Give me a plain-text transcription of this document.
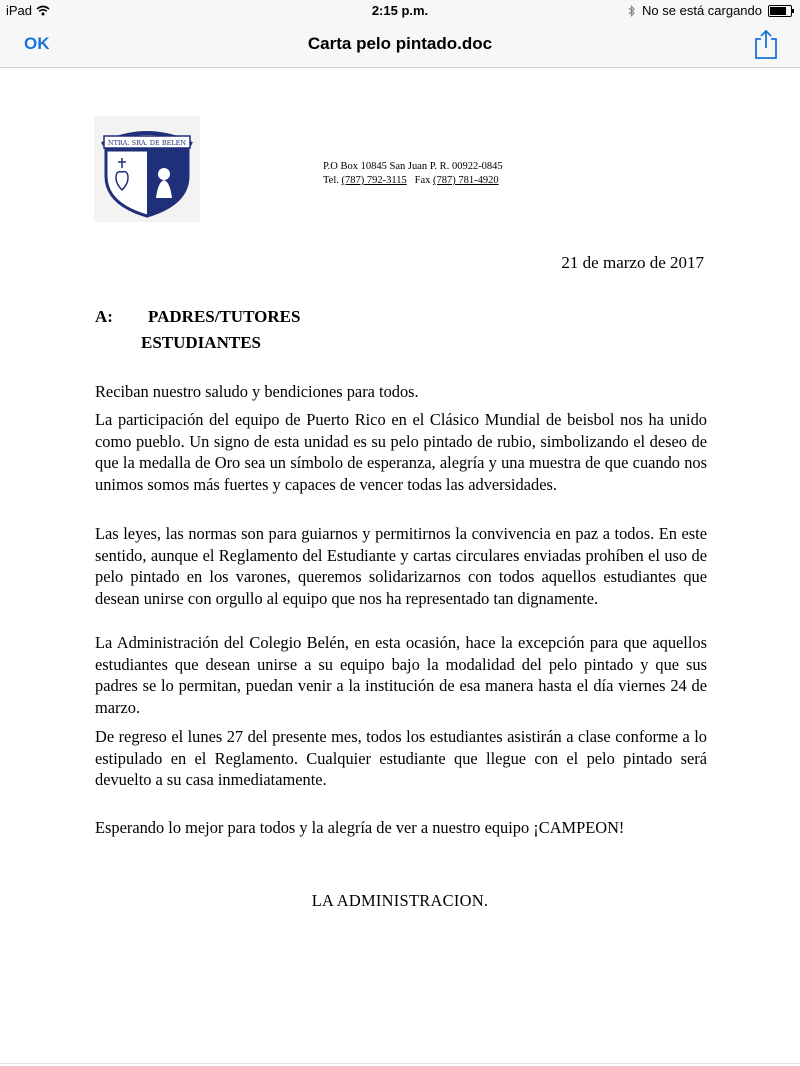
iPad	2:15 p.m.	No se está cargando
OK	Carta pelo pintado.doc
NTRA. SRA. DE BELEN
P.O Box 10845 San Juan P. R. 00922-0845
Tel. (787) 792-3115 Fax (787) 781-4920
21 de marzo de 2017
A: PADRES/TUTORES
ESTUDIANTES

Reciban nuestro saludo y bendiciones para todos.

La participación del equipo de Puerto Rico en el Clásico Mundial de beisbol nos ha unido como pueblo. Un signo de esta unidad es su pelo pintado de rubio, simbolizando el deseo de que la medalla de Oro sea un símbolo de esperanza, alegría y una muestra de que cuando nos unimos somos más fuertes y capaces de vencer todas las adversidades.

Las leyes, las normas son para guiarnos y permitirnos la convivencia en paz a todos. En este sentido, aunque el Reglamento del Estudiante y cartas circulares enviadas prohíben el uso de pelo pintado en los varones, queremos solidarizarnos con todos aquellos estudiantes que desean unirse con orgullo al equipo que nos ha representado tan dignamente.

La Administración del Colegio Belén, en esta ocasión, hace la excepción para que aquellos estudiantes que desean unirse a su equipo bajo la modalidad del pelo pintado y que sus padres se lo permitan, puedan venir a la institución de esa manera hasta el día viernes 24 de marzo.

De regreso el lunes 27 del presente mes, todos los estudiantes asistirán a clase conforme a lo estipulado en el Reglamento. Cualquier estudiante que llegue con el pelo pintado será devuelto a su casa inmediatamente.

Esperando lo mejor para todos y la alegría de ver a nuestro equipo ¡CAMPEON!
LA ADMINISTRACION.
